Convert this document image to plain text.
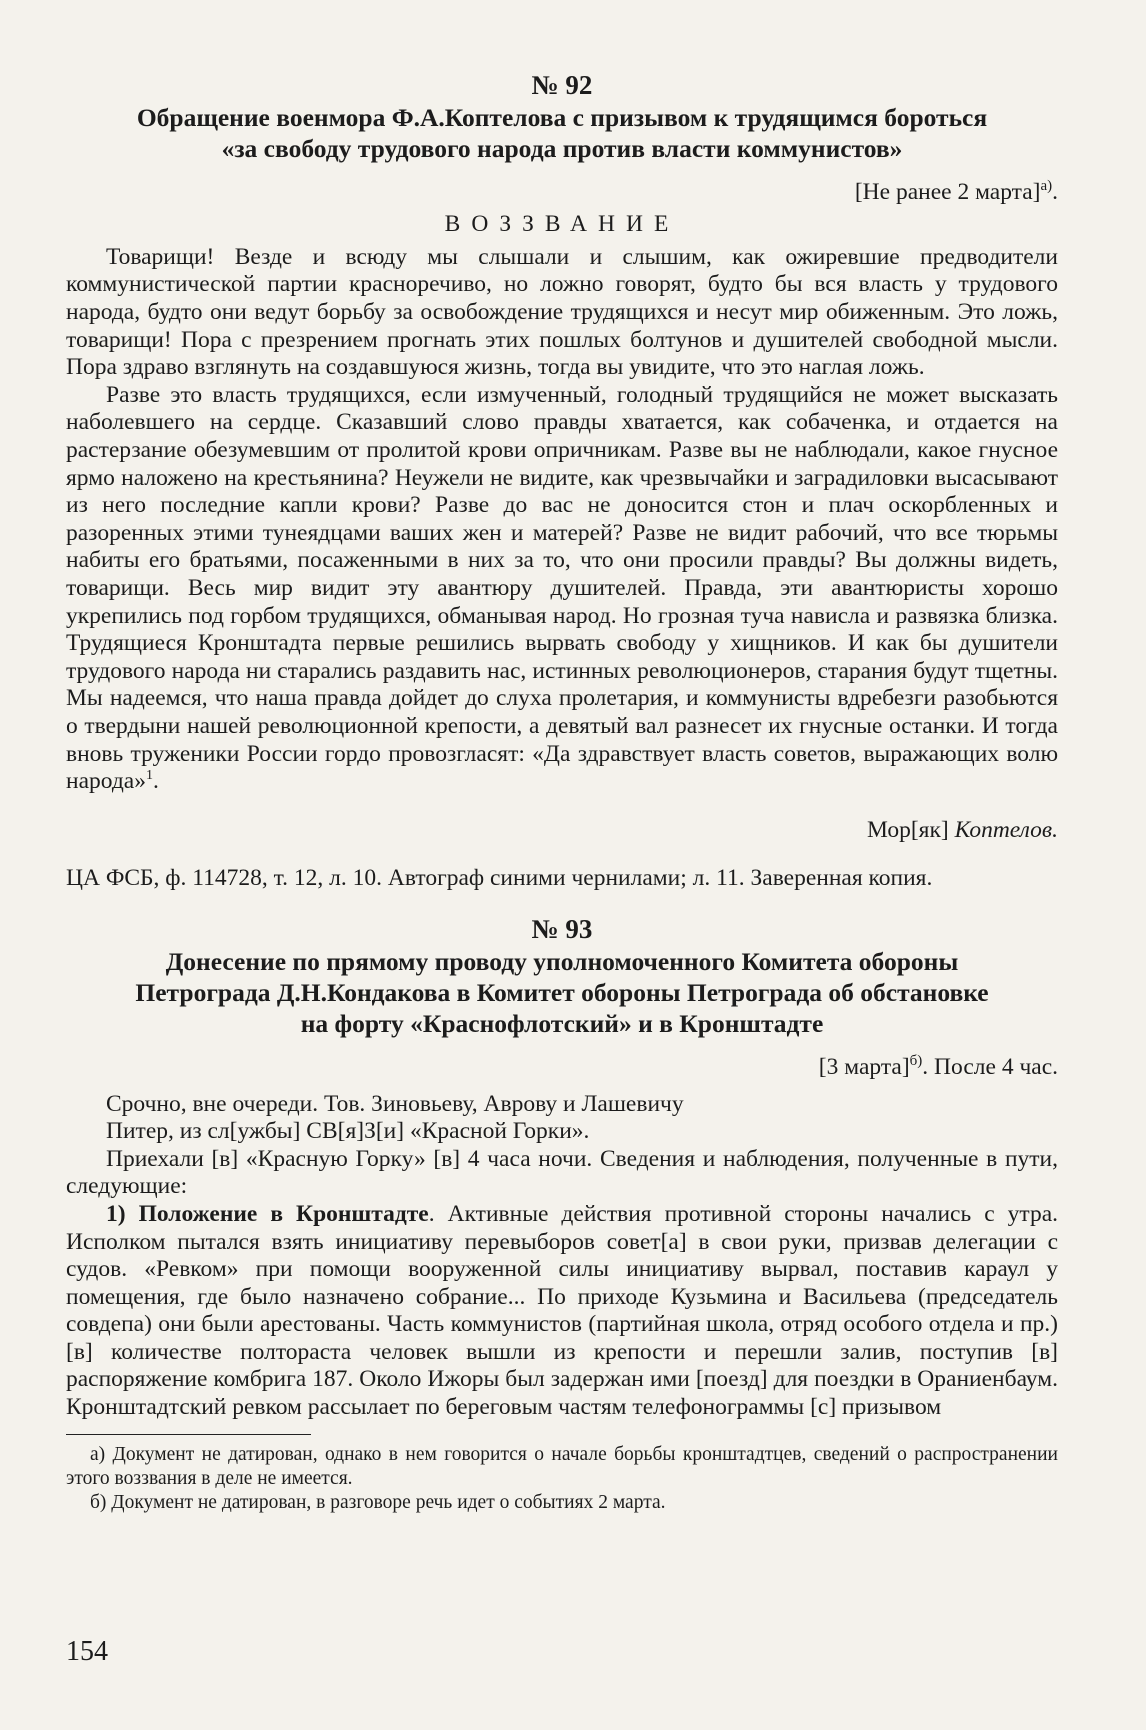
№ 92
Обращение военмора Ф.А.Коптелова с призывом к трудящимся бороться
«за свободу трудового народа против власти коммунистов»
[Не ранее 2 марта]$^{а)}$.
ВОЗЗВАНИЕ

Товарищи! Везде и всюду мы слышали и слышим, как ожиревшие предводители коммунистической партии красноречиво, но ложно говорят, будто бы вся власть у трудового народа, будто они ведут борьбу за освобождение трудящихся и несут мир обиженным. Это ложь, товарищи! Пора с презрением прогнать этих пошлых болтунов и душителей свободной мысли. Пора здраво взглянуть на создавшуюся жизнь, тогда вы увидите, что это наглая ложь.

Разве это власть трудящихся, если измученный, голодный трудящийся не может высказать наболевшего на сердце. Сказавший слово правды хватается, как собаченка, и отдается на растерзание обезумевшим от пролитой крови опричникам. Разве вы не наблюдали, какое гнусное ярмо наложено на крестьянина? Неужели не видите, как чрезвычайки и заградиловки высасывают из него последние капли крови? Разве до вас не доносится стон и плач оскорбленных и разоренных этими тунеядцами ваших жен и матерей? Разве не видит рабочий, что все тюрьмы набиты его братьями, посаженными в них за то, что они просили правды? Вы должны видеть, товарищи. Весь мир видит эту авантюру душителей. Правда, эти авантюристы хорошо укрепились под горбом трудящихся, обманывая народ. Но грозная туча нависла и развязка близка. Трудящиеся Кронштадта первые решились вырвать свободу у хищников. И как бы душители трудового народа ни старались раздавить нас, истинных революционеров, старания будут тщетны. Мы надеемся, что наша правда дойдет до слуха пролетария, и коммунисты вдребезги разобьются о твердыни нашей революционной крепости, а девятый вал разнесет их гнусные останки. И тогда вновь труженики России гордо провозгласят: «Да здравствует власть советов, выражающих волю народа»$^1$.

Мор[як] Коптелов.
ЦА ФСБ, ф. 114728, т. 12, л. 10. Автограф синими чернилами; л. 11. Заверенная копия.
№ 93
Донесение по прямому проводу уполномоченного Комитета обороны
Петрограда Д.Н.Кондакова в Комитет обороны Петрограда об обстановке
на форту «Краснофлотский» и в Кронштадте
[3 марта]$^{б)}$. После 4 час.

Срочно, вне очереди. Тов. Зиновьеву, Аврову и Лашевичу

Питер, из сл[ужбы] СВ[я]З[и] «Красной Горки».

Приехали [в] «Красную Горку» [в] 4 часа ночи. Сведения и наблюдения, полученные в пути, следующие:

1) Положение в Кронштадте. Активные действия противной стороны начались с утра. Исполком пытался взять инициативу перевыборов совет[а] в свои руки, призвав делегации с судов. «Ревком» при помощи вооруженной силы инициативу вырвал, поставив караул у помещения, где было назначено собрание... По приходе Кузьмина и Васильева (председатель совдепа) они были арестованы. Часть коммунистов (партийная школа, отряд особого отдела и пр.) [в] количестве полтораста человек вышли из крепости и перешли залив, поступив [в] распоряжение комбрига 187. Около Ижоры был задержан ими [поезд] для поездки в Ораниенбаум. Кронштадтский ревком рассылает по береговым частям телефонограммы [с] призывом

а) Документ не датирован, однако в нем говорится о начале борьбы кронштадтцев, сведений о распространении этого воззвания в деле не имеется.

б) Документ не датирован, в разговоре речь идет о событиях 2 марта.

154
